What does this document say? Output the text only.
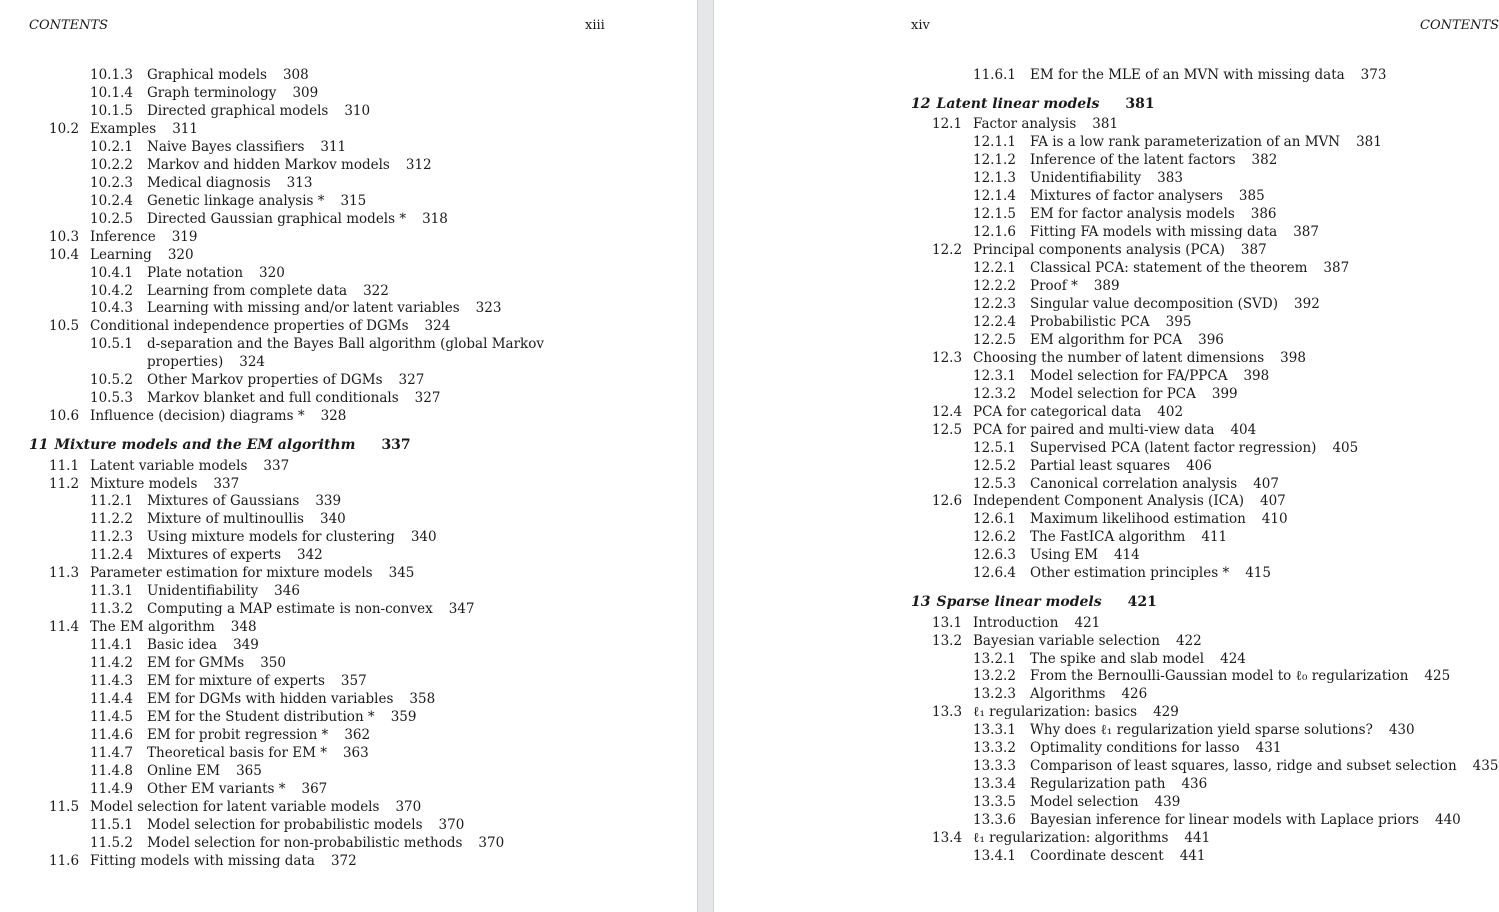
CONTENTS	xiii
10.1.3 Graphical models 308
10.1.4 Graph terminology 309
10.1.5 Directed graphical models 310
10.2 Examples 311
10.2.1 Naive Bayes classifiers 311
10.2.2 Markov and hidden Markov models 312
10.2.3 Medical diagnosis 313
10.2.4 Genetic linkage analysis * 315
10.2.5 Directed Gaussian graphical models * 318
10.3 Inference 319
10.4 Learning 320
10.4.1 Plate notation 320
10.4.2 Learning from complete data 322
10.4.3 Learning with missing and/or latent variables 323
10.5 Conditional independence properties of DGMs 324
10.5.1 d-separation and the Bayes Ball algorithm (global Markov
properties) 324
10.5.2 Other Markov properties of DGMs 327
10.5.3 Markov blanket and full conditionals 327
10.6 Influence (decision) diagrams * 328
11 Mixture models and the EM algorithm 337
11.1 Latent variable models 337
11.2 Mixture models 337
11.2.1 Mixtures of Gaussians 339
11.2.2 Mixture of multinoullis 340
11.2.3 Using mixture models for clustering 340
11.2.4 Mixtures of experts 342
11.3 Parameter estimation for mixture models 345
11.3.1 Unidentifiability 346
11.3.2 Computing a MAP estimate is non-convex 347
11.4 The EM algorithm 348
11.4.1 Basic idea 349
11.4.2 EM for GMMs 350
11.4.3 EM for mixture of experts 357
11.4.4 EM for DGMs with hidden variables 358
11.4.5 EM for the Student distribution * 359
11.4.6 EM for probit regression * 362
11.4.7 Theoretical basis for EM * 363
11.4.8 Online EM 365
11.4.9 Other EM variants * 367
11.5 Model selection for latent variable models 370
11.5.1 Model selection for probabilistic models 370
11.5.2 Model selection for non-probabilistic methods 370
11.6 Fitting models with missing data 372
xiv	CONTENTS
11.6.1 EM for the MLE of an MVN with missing data 373
12 Latent linear models 381
12.1 Factor analysis 381
12.1.1 FA is a low rank parameterization of an MVN 381
12.1.2 Inference of the latent factors 382
12.1.3 Unidentifiability 383
12.1.4 Mixtures of factor analysers 385
12.1.5 EM for factor analysis models 386
12.1.6 Fitting FA models with missing data 387
12.2 Principal components analysis (PCA) 387
12.2.1 Classical PCA: statement of the theorem 387
12.2.2 Proof * 389
12.2.3 Singular value decomposition (SVD) 392
12.2.4 Probabilistic PCA 395
12.2.5 EM algorithm for PCA 396
12.3 Choosing the number of latent dimensions 398
12.3.1 Model selection for FA/PPCA 398
12.3.2 Model selection for PCA 399
12.4 PCA for categorical data 402
12.5 PCA for paired and multi-view data 404
12.5.1 Supervised PCA (latent factor regression) 405
12.5.2 Partial least squares 406
12.5.3 Canonical correlation analysis 407
12.6 Independent Component Analysis (ICA) 407
12.6.1 Maximum likelihood estimation 410
12.6.2 The FastICA algorithm 411
12.6.3 Using EM 414
12.6.4 Other estimation principles * 415
13 Sparse linear models 421
13.1 Introduction 421
13.2 Bayesian variable selection 422
13.2.1 The spike and slab model 424
13.2.2 From the Bernoulli-Gaussian model to ℓ₀ regularization 425
13.2.3 Algorithms 426
13.3 ℓ₁ regularization: basics 429
13.3.1 Why does ℓ₁ regularization yield sparse solutions? 430
13.3.2 Optimality conditions for lasso 431
13.3.3 Comparison of least squares, lasso, ridge and subset selection 435
13.3.4 Regularization path 436
13.3.5 Model selection 439
13.3.6 Bayesian inference for linear models with Laplace priors 440
13.4 ℓ₁ regularization: algorithms 441
13.4.1 Coordinate descent 441
